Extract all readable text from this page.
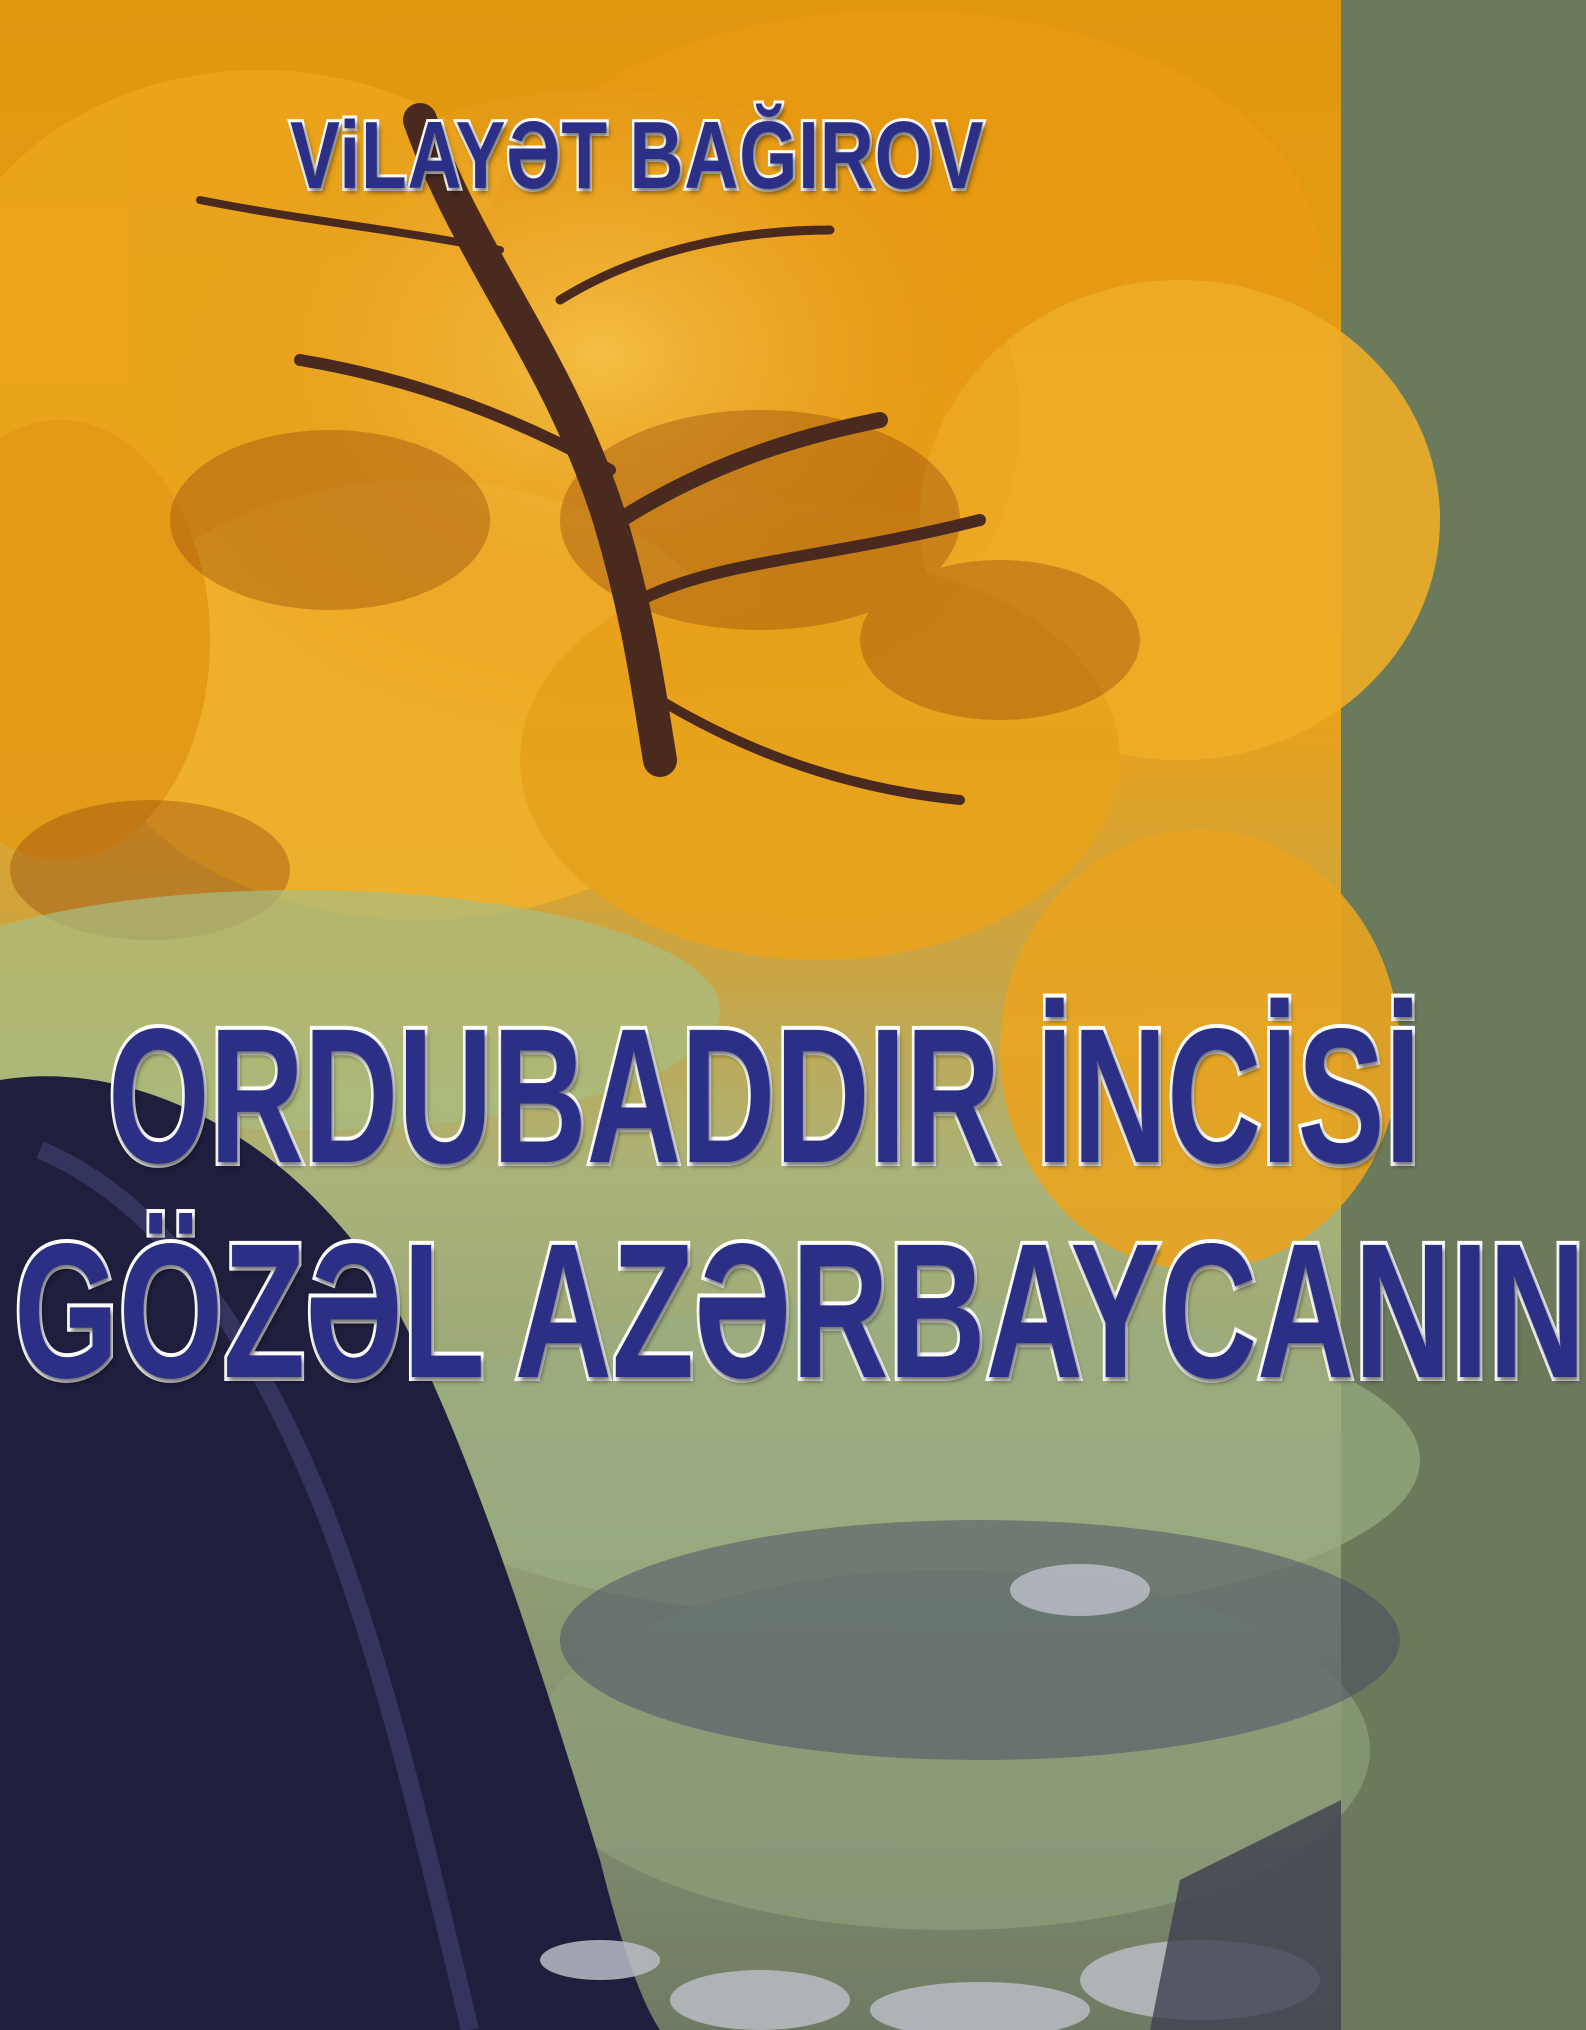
ViLAYƏT BAĞIROV
ORDUBADDIR İNCİSİ
GÖZƏL AZƏRBAYCANIN
